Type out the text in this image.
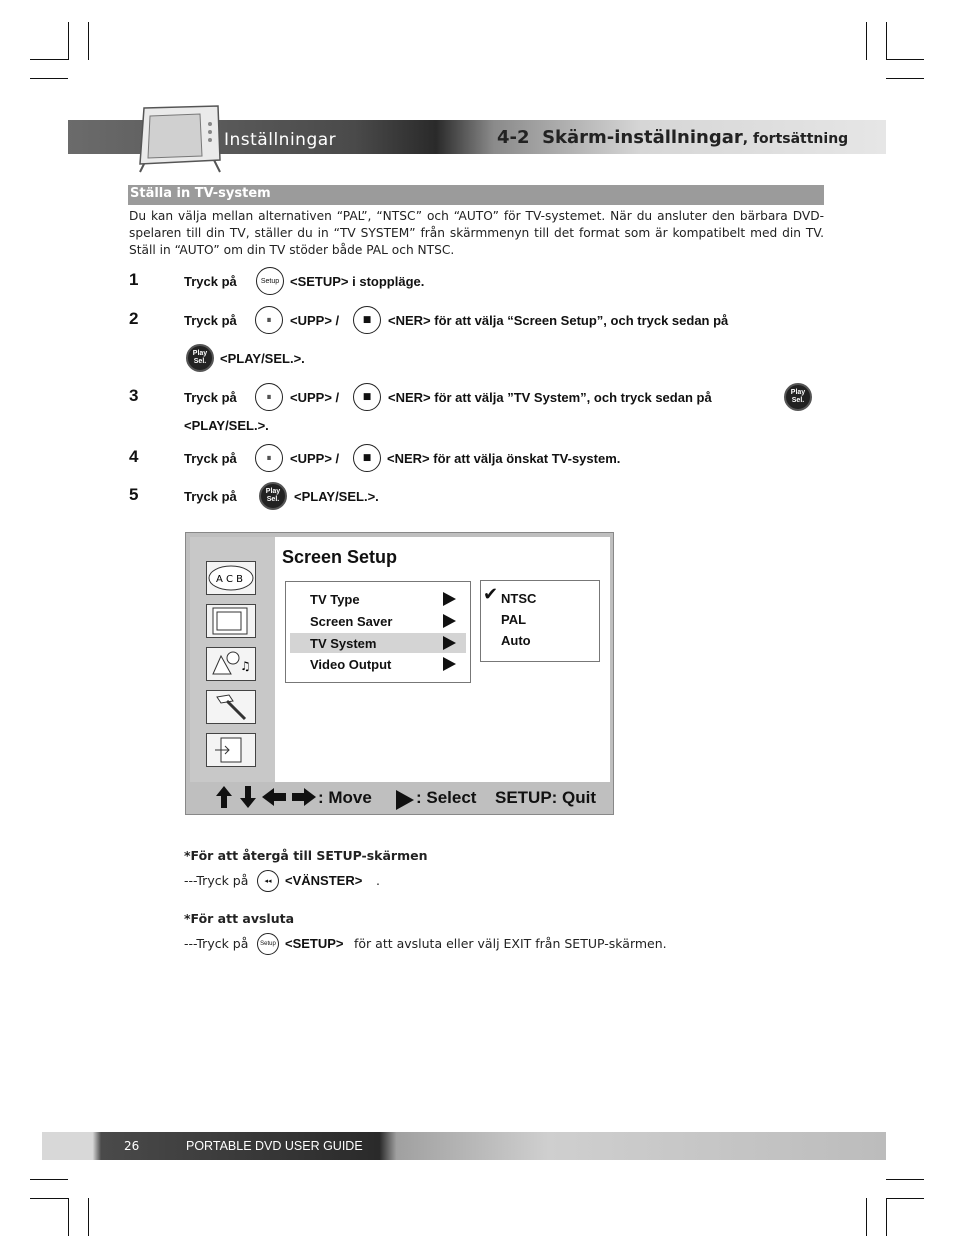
Inställningar	4-2 Skärm-inställningar, fortsättning
Ställa in TV-system
Du kan välja mellan alternativen “PAL”, “NTSC” och “AUTO” för TV-systemet. När du ansluter den bärbara DVD-spelaren till din TV, ställer du in “TV SYSTEM” från skärmmenyn till det format som är kompatibelt med din TV. Ställ in “AUTO” om din TV stöder både PAL och NTSC.
1	Tryck på	Setup <SETUP> i stoppläge.
2	Tryck på	⏸ <UPP> /	■ <NER> för att välja “Screen Setup”, och tryck sedan på
Play
Sel. <PLAY/SEL.>.
3	Tryck på	⏸ <UPP> /	■ <NER> för att välja ”TV System”, och tryck sedan på	Play
Sel.
<PLAY/SEL.>.
4	Tryck på	⏸ <UPP> /	■ <NER> för att välja önskat TV-system.
5	Tryck på	Play
Sel. <PLAY/SEL.>.
A C B
♫
Screen Setup
TV Type
Screen Saver
TV System
Video Output
✔ NTSC
PAL
Auto
: Move	: Select SETUP: Quit
*För att återgå till SETUP-skärmen
---Tryck på ◂◂ <VÄNSTER> .
*För att avsluta
---Tryck på Setup <SETUP> för att avsluta eller välj EXIT från SETUP-skärmen.
26	PORTABLE DVD USER GUIDE
